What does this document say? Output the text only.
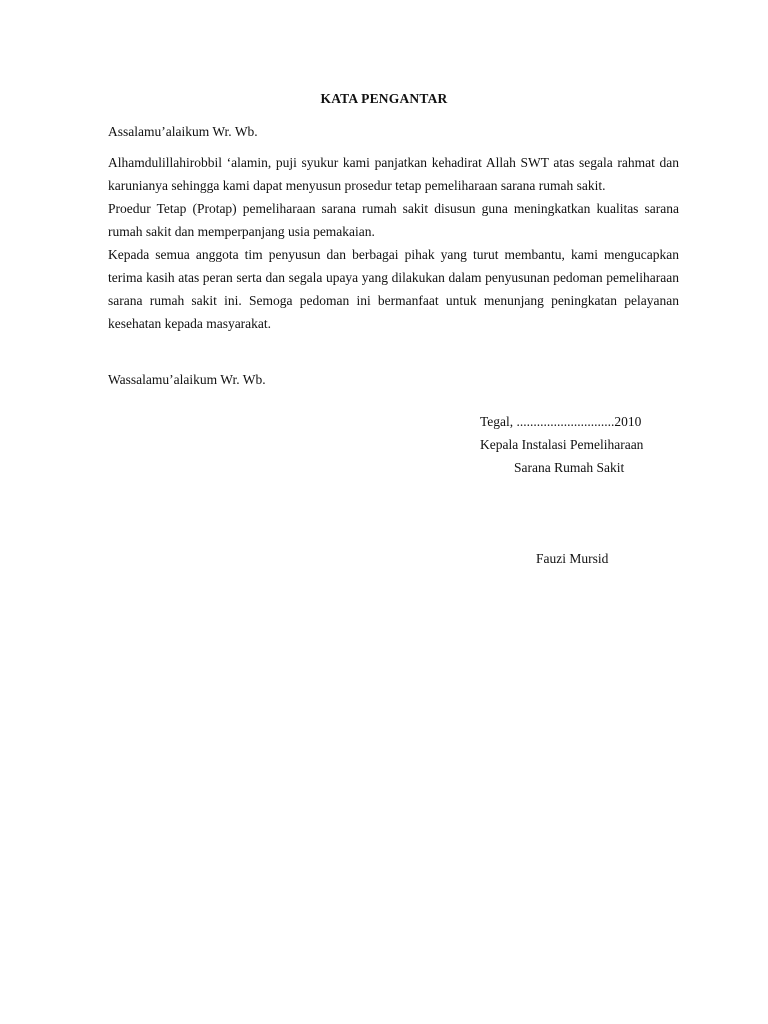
KATA PENGANTAR
Assalamu’alaikum Wr. Wb.

Alhamdulillahirobbil ‘alamin, puji syukur kami panjatkan kehadirat Allah SWT atas segala rahmat dan karunianya sehingga kami dapat menyusun prosedur tetap pemeliharaan sarana rumah sakit.

Proedur Tetap (Protap) pemeliharaan sarana rumah sakit disusun guna meningkatkan kualitas sarana rumah sakit dan memperpanjang usia pemakaian.

Kepada semua anggota tim penyusun dan berbagai pihak yang turut membantu, kami mengucapkan terima kasih atas peran serta dan segala upaya yang dilakukan dalam penyusunan pedoman pemeliharaan sarana rumah sakit ini. Semoga pedoman ini bermanfaat untuk menunjang peningkatan pelayanan kesehatan kepada masyarakat.

Wassalamu’alaikum Wr. Wb.
Tegal, .............................2010
Kepala Instalasi Pemeliharaan
Sarana Rumah Sakit
Fauzi Mursid
